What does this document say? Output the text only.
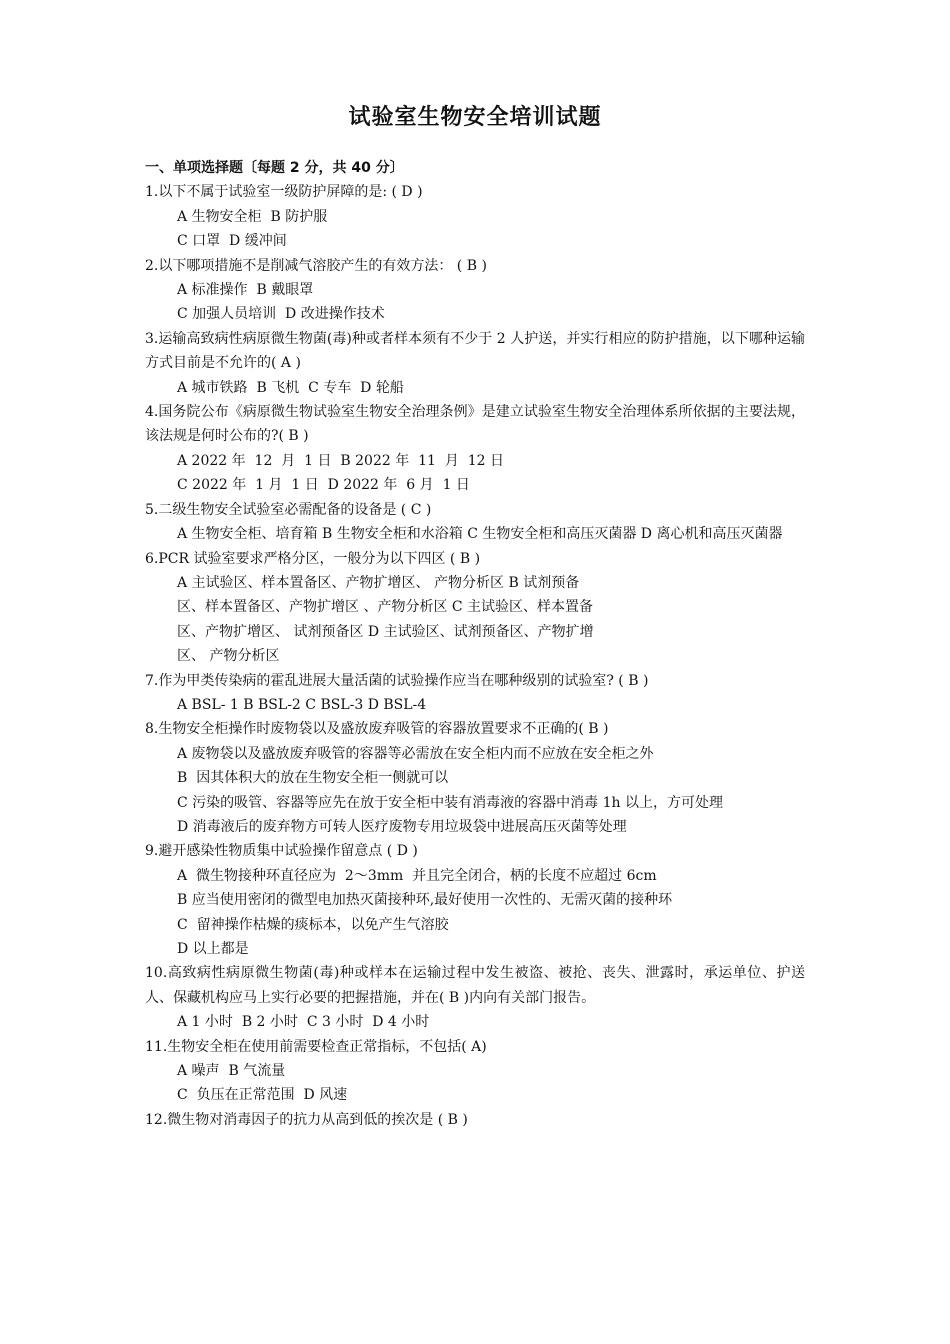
试验室生物安全培训试题

一、单项选择题〔每题 2 分，共 40 分〕

1.以下不属于试验室一级防护屏障的是: ( D )

A 生物安全柜  B 防护服

C 口罩  D 缓冲间

2.以下哪项措施不是削减气溶胶产生的有效方法： ( B )

A 标准操作  B 戴眼罩

C 加强人员培训  D 改进操作技术

3.运输高致病性病原微生物菌(毒)种或者样本须有不少于 2 人护送，并实行相应的防护措施，以下哪种运输方式目前是不允许的( A )

A 城市铁路  B 飞机  C 专车  D 轮船

4.国务院公布《病原微生物试验室生物安全治理条例》是建立试验室生物安全治理体系所依据的主要法规，该法规是何时公布的?( B )

A 2022 年  12  月  1 日  B 2022 年  11  月  12 日

C 2022 年  1 月  1 日  D 2022 年  6 月  1 日

5.二级生物安全试验室必需配备的设备是 ( C )

A 生物安全柜、培育箱 B 生物安全柜和水浴箱 C 生物安全柜和高压灭菌器 D 离心机和高压灭菌器

6.PCR 试验室要求严格分区，一般分为以下四区 ( B )

A 主试验区、样本置备区、产物扩增区、 产物分析区 B 试剂预备区、样本置备区、产物扩增区 、产物分析区 C 主试验区、样本置备区、产物扩增区、 试剂预备区 D 主试验区、试剂预备区、产物扩增区、 产物分析区

7.作为甲类传染病的霍乱进展大量活菌的试验操作应当在哪种级别的试验室? ( B )

A BSL- 1 B BSL-2 C BSL-3 D BSL-4

8.生物安全柜操作时废物袋以及盛放废弃吸管的容器放置要求不正确的( B )

A 废物袋以及盛放废弃吸管的容器等必需放在安全柜内而不应放在安全柜之外

B  因其体积大的放在生物安全柜一侧就可以

C 污染的吸管、容器等应先在放于安全柜中装有消毒液的容器中消毒 1h 以上，方可处理

D 消毒液后的废弃物方可转人医疗废物专用垃圾袋中进展高压灭菌等处理

9.避开感染性物质集中试验操作留意点 ( D )

A  微生物接种环直径应为  2～3mm  并且完全闭合，柄的长度不应超过 6cm

B 应当使用密闭的微型电加热灭菌接种环,最好使用一次性的、无需灭菌的接种环

C  留神操作枯燥的痰标本，以免产生气溶胶

D 以上都是

10.高致病性病原微生物菌(毒)种或样本在运输过程中发生被盗、被抢、丧失、泄露时，承运单位、护送人、保藏机构应马上实行必要的把握措施，并在( B )内向有关部门报告。

A 1 小时  B 2 小时  C 3 小时  D 4 小时

11.生物安全柜在使用前需要检查正常指标，不包括( A)

A 噪声  B 气流量

C  负压在正常范围  D 风速

12.微生物对消毒因子的抗力从高到低的挨次是 ( B )
